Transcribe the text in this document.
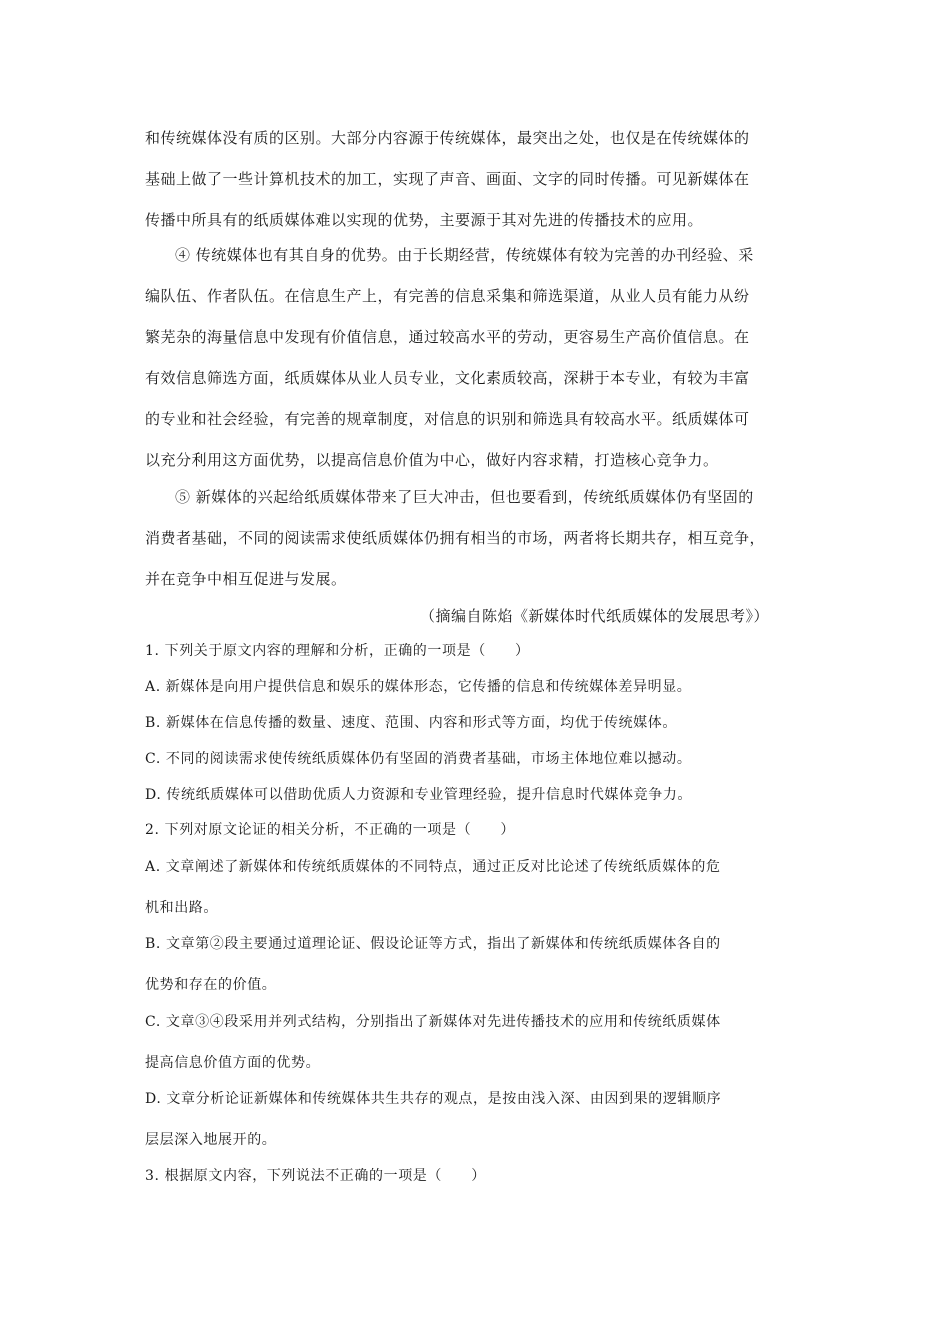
和传统媒体没有质的区别。大部分内容源于传统媒体，最突出之处，也仅是在传统媒体的
基础上做了一些计算机技术的加工，实现了声音、画面、文字的同时传播。可见新媒体在
传播中所具有的纸质媒体难以实现的优势，主要源于其对先进的传播技术的应用。
④ 传统媒体也有其自身的优势。由于长期经营，传统媒体有较为完善的办刊经验、采
编队伍、作者队伍。在信息生产上，有完善的信息采集和筛选渠道，从业人员有能力从纷
繁芜杂的海量信息中发现有价值信息，通过较高水平的劳动，更容易生产高价值信息。在
有效信息筛选方面，纸质媒体从业人员专业，文化素质较高，深耕于本专业，有较为丰富
的专业和社会经验，有完善的规章制度，对信息的识别和筛选具有较高水平。纸质媒体可
以充分利用这方面优势，以提高信息价值为中心，做好内容求精，打造核心竞争力。
⑤ 新媒体的兴起给纸质媒体带来了巨大冲击，但也要看到，传统纸质媒体仍有坚固的
消费者基础，不同的阅读需求使纸质媒体仍拥有相当的市场，两者将长期共存，相互竞争，
并在竞争中相互促进与发展。
（摘编自陈焰《新媒体时代纸质媒体的发展思考》）
1. 下列关于原文内容的理解和分析，正确的一项是（　　）
A. 新媒体是向用户提供信息和娱乐的媒体形态，它传播的信息和传统媒体差异明显。
B. 新媒体在信息传播的数量、速度、范围、内容和形式等方面，均优于传统媒体。
C. 不同的阅读需求使传统纸质媒体仍有坚固的消费者基础，市场主体地位难以撼动。
D. 传统纸质媒体可以借助优质人力资源和专业管理经验，提升信息时代媒体竞争力。
2. 下列对原文论证的相关分析，不正确的一项是（　　）
A. 文章阐述了新媒体和传统纸质媒体的不同特点，通过正反对比论述了传统纸质媒体的危
机和出路。
B. 文章第②段主要通过道理论证、假设论证等方式，指出了新媒体和传统纸质媒体各自的
优势和存在的价值。
C. 文章③④段采用并列式结构，分别指出了新媒体对先进传播技术的应用和传统纸质媒体
提高信息价值方面的优势。
D. 文章分析论证新媒体和传统媒体共生共存的观点，是按由浅入深、由因到果的逻辑顺序
层层深入地展开的。
3. 根据原文内容，下列说法不正确的一项是（　　）
